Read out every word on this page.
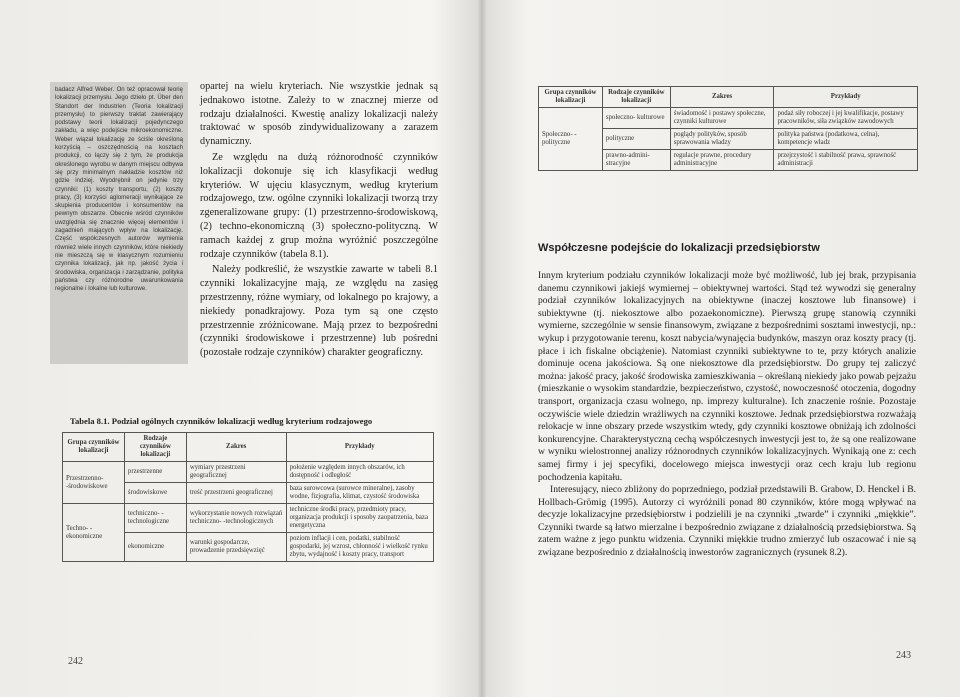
badacz Alfred Weber. On też opracował teorię lokalizacji przemysłu. Jego dzieło pt. Über den Standort der Industrien (Teoria lokalizacji przemysłu) to pierwszy traktat zawierający podstawy teorii lokalizacji pojedynczego zakładu, a więc podejście mikroekonomiczne. Weber wiązał lokalizację ze ściśle określoną korzyścią – oszczędnością na kosztach produkcji, co łączy się z tym, że produkcja określonego wyrobu w danym miejscu odbywa się przy minimalnym nakładzie kosztów niż gdzie indziej. Wyodrębnił on jedynie trzy czynniki: (1) koszty transportu, (2) koszty pracy, (3) korzyści aglomeracji wynikające ze skupienia producentów i konsumentów na pewnym obszarze. Obecnie wśród czynników uwzględnia się znacznie więcej elementów i zagadnień mających wpływ na lokalizację. Część współczesnych autorów wymienia również wiele innych czynników, które niekiedy nie mieszczą się w klasycznym rozumieniu czynnika lokalizacji, jak np. jakość życia i środowiska, organizacja i zarządzanie, polityka państwa czy różnorodne uwarunkowania regionalne i lokalne lub kulturowe.

opartej na wielu kryteriach. Nie wszystkie jednak są jednakowo istotne. Zależy to w znacznej mierze od rodzaju działalności. Kwestię analizy lokalizacji należy traktować w sposób zindywidualizowany a zarazem dynamiczny.

Ze względu na dużą różnorodność czynników lokalizacji dokonuje się ich klasyfikacji według kryteriów. W ujęciu klasycznym, według kryterium rodzajowego, tzw. ogólne czynniki lokalizacji tworzą trzy zgeneralizowane grupy: (1) przestrzenno-środowiskową, (2) techno-ekonomiczną (3) społeczno-polityczną. W ramach każdej z grup można wyróżnić poszczególne rodzaje czynników (tabela 8.1).

Należy podkreślić, że wszystkie zawarte w tabeli 8.1 czynniki lokalizacyjne mają, ze względu na zasięg przestrzenny, różne wymiary, od lokalnego po krajowy, a niekiedy ponadkrajowy. Poza tym są one często przestrzennie zróżnicowane. Mają przez to bezpośredni (czynniki środowiskowe i przestrzenne) lub pośredni (pozostałe rodzaje czynników) charakter geograficzny.

Tabela 8.1. Podział ogólnych czynników lokalizacji według kryterium rodzajowego
Grupa czynników lokalizacji	Rodzaje czynników lokalizacji	Zakres	Przykłady
Przestrzenno- -środowiskowe	przestrzenne	wymiary przestrzeni geograficznej	położenie względem innych obszarów, ich dostępność i odległość
	środowiskowe	treść przestrzeni geograficznej	baza surowcowa (surowce mineralne), zasoby wodne, fizjografia, klimat, czystość środowiska
Techno- -ekonomiczne	techniczno- -technologiczne	wykorzystanie nowych rozwiązań techniczno- -technologicznych	techniczne środki pracy, przedmioty pracy, organizacja produkcji i sposoby zaopatrzenia, baza energetyczna
	ekonomiczne	warunki gospodarcze, prowadzenie przedsięwzięć	poziom inflacji i cen, podatki, stabilność gospodarki, jej wzrost, chłonność i wielkość rynku zbytu, wydajność i koszty pracy, transport
242
Grupa czynników lokalizacji	Rodzaje czynników lokalizacji	Zakres	Przykłady
Społeczno- -polityczne	społeczno- kulturowe	świadomość i postawy społeczne, czynniki kulturowe	podaż siły roboczej i jej kwalifikacje, postawy pracowników, siła związków zawodowych
	polityczne	poglądy polityków, sposób sprawowania władzy	polityka państwa (podatkowa, celna), kompetencje władz
	prawno-admini- stracyjne	regulacje prawne, procedury administracyjne	przejrzystość i stabilność prawa, sprawność administracji
Współczesne podejście do lokalizacji przedsiębiorstw

Innym kryterium podziału czynników lokalizacji może być możliwość, lub jej brak, przypisania danemu czynnikowi jakiejś wymiernej – obiektywnej wartości. Stąd też wywodzi się generalny podział czynników lokalizacyjnych na obiektywne (inaczej kosztowe lub finansowe) i subiektywne (tj. niekosztowe albo pozaekonomiczne). Pierwszą grupę stanowią czynniki wymierne, szczególnie w sensie finansowym, związane z bezpośrednimi sosztami inwestycji, np.: wykup i przygotowanie terenu, koszt nabycia/wynajęcia budynków, maszyn oraz koszty pracy (tj. płace i ich fiskalne obciążenie). Natomiast czynniki subiektywne to te, przy których analizie dominuje ocena jakościowa. Są one niekosztowe dla przedsiębiorstw. Do grupy tej zaliczyć można: jakość pracy, jakość środowiska zamieszkiwania – określaną niekiedy jako powab pejzażu (mieszkanie o wysokim standardzie, bezpieczeństwo, czystość, nowoczesność otoczenia, dogodny transport, organizacja czasu wolnego, np. imprezy kulturalne). Ich znaczenie rośnie. Pozostaje oczywiście wiele dziedzin wrażliwych na czynniki kosztowe. Jednak przedsiębiorstwa rozważają relokacje w inne obszary przede wszystkim wtedy, gdy czynniki kosztowe obniżają ich zdolności konkurencyjne. Charakterystyczną cechą współczesnych inwestycji jest to, że są one realizowane w wyniku wielostronnej analizy różnorodnych czynników lokalizacyjnych. Wynikają one z: cech samej firmy i jej specyfiki, docelowego miejsca inwestycji oraz cech kraju lub regionu pochodzenia kapitału.

Interesujący, nieco zbliżony do poprzedniego, podział przedstawili B. Grabow, D. Henckel i B. Hollbach-Grömig (1995). Autorzy ci wyróżnili ponad 80 czynników, które mogą wpływać na decyzje lokalizacyjne przedsiębiorstw i podzielili je na czynniki „twarde” i czynniki „miękkie”. Czynniki twarde są łatwo mierzalne i bezpośrednio związane z działalnością przedsiębiorstwa. Są zatem ważne z jego punktu widzenia. Czynniki miękkie trudno zmierzyć lub oszacować i nie są związane bezpośrednio z działalnością inwestorów zagranicznych (rysunek 8.2).

243
